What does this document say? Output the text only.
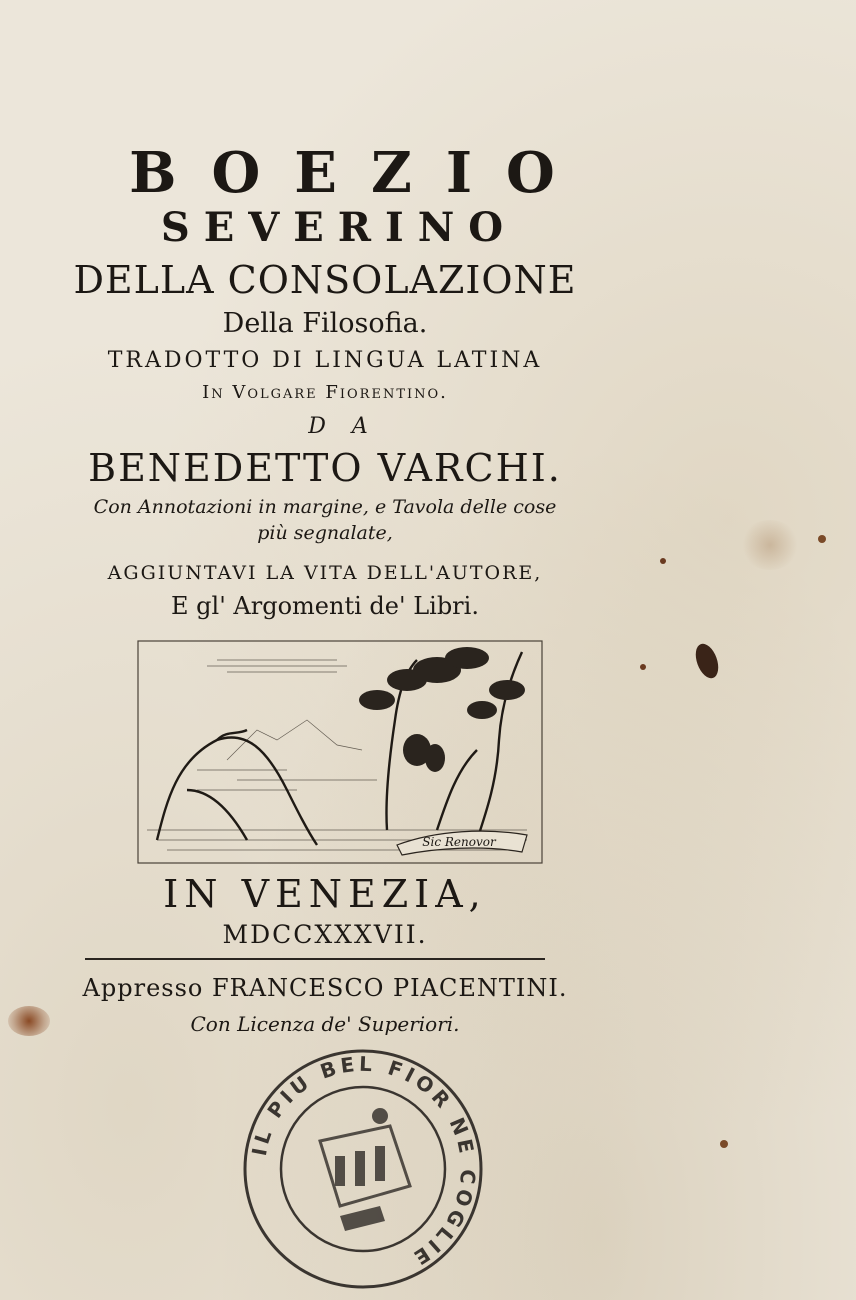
BOEZIO
SEVERINO
DELLA CONSOLAZIONE
Della Filosofia.
TRADOTTO DI LINGUA LATINA
In Volgare Fiorentino.
DA
BENEDETTO VARCHI.
Con Annotazioni in margine, e Tavola delle cose
più segnalate,
AGGIUNTAVI LA VITA DELL'AUTORE,
E gl' Argomenti de' Libri.
Sic Renovor
IN VENEZIA,
MDCCXXXVII.
Appresso FRANCESCO PIACENTINI.
Con Licenza de' Superiori.
IL PIU BEL FIOR NE COGLIE
